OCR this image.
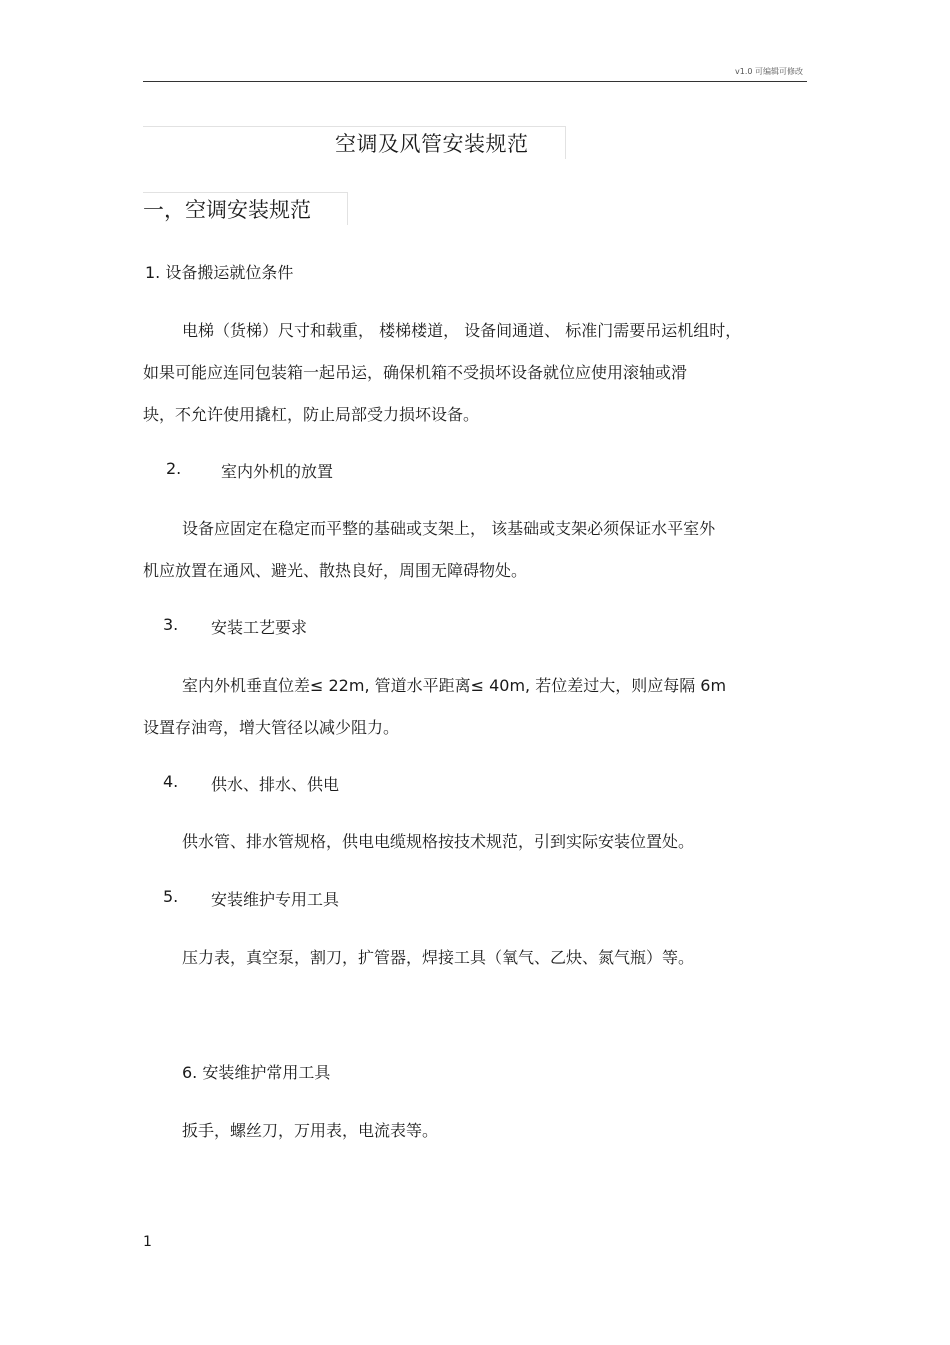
v1.0 可编辑可修改
空调及风管安装规范
一，空调安装规范
1. 设备搬运就位条件
电梯（货梯）尺寸和载重， 楼梯楼道， 设备间通道、 标准门需要吊运机组时，
如果可能应连同包装箱一起吊运，确保机箱不受损坏设备就位应使用滚轴或滑
块，不允许使用撬杠，防止局部受力损坏设备。
2. 室内外机的放置
设备应固定在稳定而平整的基础或支架上， 该基础或支架必须保证水平室外
机应放置在通风、避光、散热良好，周围无障碍物处。
3. 安装工艺要求
室内外机垂直位差≤ 22m, 管道水平距离≤ 40m, 若位差过大，则应每隔 6m
设置存油弯，增大管径以减少阻力。
4. 供水、排水、供电
供水管、排水管规格，供电电缆规格按技术规范，引到实际安装位置处。
5. 安装维护专用工具
压力表，真空泵，割刀，扩管器，焊接工具（氧气、乙炔、氮气瓶）等。
6. 安装维护常用工具
扳手，螺丝刀，万用表，电流表等。
1
